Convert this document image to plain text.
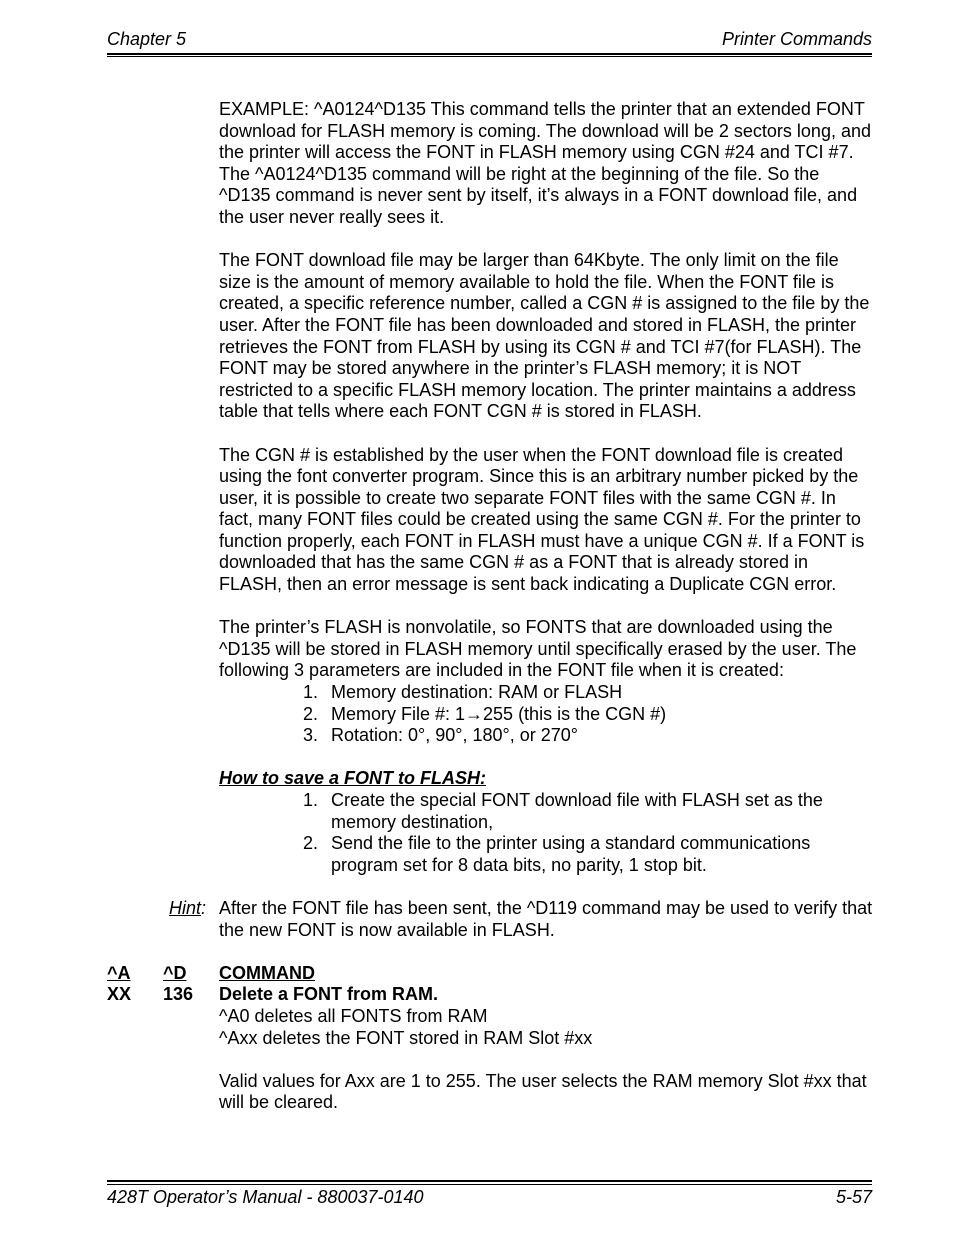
Chapter 5	Printer Commands

EXAMPLE: ^A0124^D135 This command tells the printer that an extended FONT download for FLASH memory is coming. The download will be 2 sectors long, and the printer will access the FONT in FLASH memory using CGN #24 and TCI #7. The ^A0124^D135 command will be right at the beginning of the file. So the ^D135 command is never sent by itself, it’s always in a FONT download file, and the user never really sees it.

The FONT download file may be larger than 64Kbyte. The only limit on the file size is the amount of memory available to hold the file. When the FONT file is created, a specific reference number, called a CGN # is assigned to the file by the user. After the FONT file has been downloaded and stored in FLASH, the printer retrieves the FONT from FLASH by using its CGN # and TCI #7(for FLASH). The FONT may be stored anywhere in the printer’s FLASH memory; it is NOT restricted to a specific FLASH memory location. The printer maintains a address table that tells where each FONT CGN # is stored in FLASH.

The CGN # is established by the user when the FONT download file is created using the font converter program. Since this is an arbitrary number picked by the user, it is possible to create two separate FONT files with the same CGN #. In fact, many FONT files could be created using the same CGN #. For the printer to function properly, each FONT in FLASH must have a unique CGN #. If a FONT is downloaded that has the same CGN # as a FONT that is already stored in FLASH, then an error message is sent back indicating a Duplicate CGN error.

The printer’s FLASH is nonvolatile, so FONTS that are downloaded using the ^D135 will be stored in FLASH memory until specifically erased by the user. The following 3 parameters are included in the FONT file when it is created:

1. Memory destination: RAM or FLASH
2. Memory File #: 1→255 (this is the CGN #)
3. Rotation: 0°, 90°, 180°, or 270°
How to save a FONT to FLASH:
1. Create the special FONT download file with FLASH set as the memory destination,
2. Send the file to the printer using a standard communications program set for 8 data bits, no parity, 1 stop bit.
Hint: After the FONT file has been sent, the ^D119 command may be used to verify that the new FONT is now available in FLASH.
^A ^D COMMAND
XX 136 Delete a FONT from RAM.
^A0 deletes all FONTS from RAM
^Axx deletes the FONT stored in RAM Slot #xx
Valid values for Axx are 1 to 255. The user selects the RAM memory Slot #xx that will be cleared.
428T Operator’s Manual - 880037-0140	5-57
